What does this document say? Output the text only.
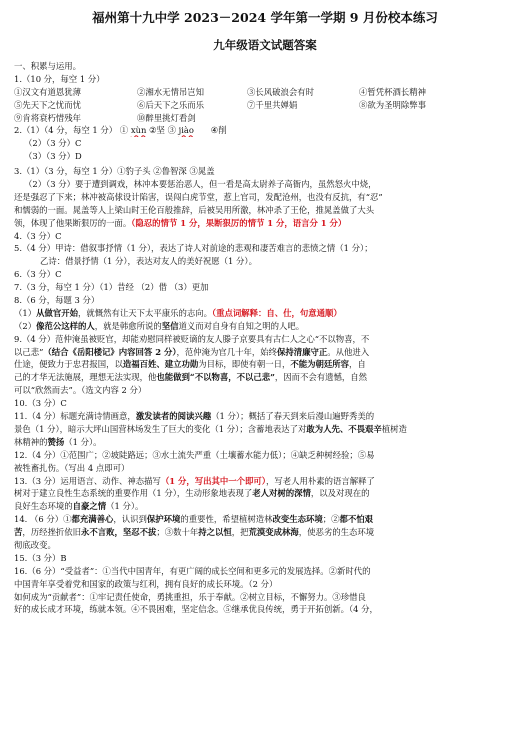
福州第十九中学 2023－2024 学年第一学期 9 月份校本练习
九年级语文试题答案
一、积累与运用。
1.（10 分，每空 1 分）
①汉文有道恩犹薄	②湘水无情吊岂知	③长风破浪会有时	④暂凭杯酒长精神
⑤先天下之忧而忧	⑥后天下之乐而乐	⑦千里共婵娟	⑧欲为圣明除弊事
⑨肯将衰朽惜残年	⑩醉里挑灯看剑
2.（1）（4 分，每空 1 分） ① xùn ②坚 ③ jiào ④削
（2）（3 分）C
（3）（3 分）D
3.（1）（3 分，每空 1 分）①豹子头 ②鲁智深 ③晁盖
（2）（3 分）要于遭到调戏，林冲本要惩治恶人，但一看是高太尉养子高衙内，虽然怒火中烧，
还是强忍了下来；林冲被高俅设计陷害，误闯白虎节堂，惹上官司，发配沧州，也没有反抗，有“忍”
和懦弱的一面。晁盖等人上梁山时王伦百般推辞，后被吴用所激，林冲杀了王伦，推晁盖做了大头
领，体现了他果断狠厉的一面。（隐忍的情节 1 分，果断狠厉的情节 1 分，语言分 1 分）
4.（3 分）C
5.（4 分）甲诗：借叙事抒情（1 分），表达了诗人对前途的悲观和凄苦难言的悲愤之情（1 分）；
乙诗：借景抒情（1 分），表达对友人的美好祝愿（1 分）。
6.（3 分）C
7.（3 分，每空 1 分）（1）昔经 （2）借 （3）更加
8.（6 分，每题 3 分）
（1）从做官开始，就慨然有让天下太平康乐的志向。（重点词解释：自、仕，句意通顺）
（2）像范公这样的人，就是韩愈所说的坚信道义而对自身有自知之明的人吧。
9.（4 分）范仲淹虽被贬官，却能劝慰同样被贬谪的友人滕子京要具有古仁人之心“不以物喜，不
以己悲”（结合《岳阳楼记》内容回答 2 分），范仲淹为官几十年，始终保持清廉守正。从他进入
仕途，便致力于忠君报国，以造福百姓、建立功勋为目标，即使有朝一日，不能为朝廷所容，自
己的才华无法施展，理想无法实现，他也能做到“不以物喜，不以己悲”，因而不会有遗憾，自然
可以“欣然而去”。（选文内容 2 分）
10.（3 分）C
11.（4 分）标题充满诗情画意，激发读者的阅读兴趣（1 分）；概括了春天到来后漫山遍野秀美的
景色（1 分），暗示大坪山国营林场发生了巨大的变化（1 分）；含蓄地表达了对敢为人先、不畏艰辛植树造
林精神的赞扬（1 分）。
12.（4 分）①范围广；②坡陡路远；③水土流失严重（土壤蓄水能力低）；④缺乏种树经验；⑤易
被牲畜扎伤。（写出 4 点即可）
13.（3 分）运用语言、动作、神态描写（1 分，写出其中一个即可），写老人用朴素的语言解释了
树对于建立良性生态系统的重要作用（1 分），生动形象地表现了老人对树的深情，以及对现在的
良好生态环境的自豪之情（1 分）。
14. （6 分）①都充满善心，认识到保护环境的重要性，希望植树造林改变生态环境；②都不怕艰
苦，历经挫折依旧永不言败，坚忍不拔；③数十年持之以恒，把荒漠变成林海，使恶劣的生态环境
彻底改变。
15.（3 分）B
16.（6 分）“受益者”：①当代中国青年，有更广阔的成长空间和更多元的发展选择。②新时代的
中国青年享受着党和国家的政策与红利，拥有良好的成长环境。（2 分）
如何成为“贡献者”：①牢记责任使命，勇挑重担，乐于奉献。②树立目标，不懈努力。③珍惜良
好的成长成才环境，练就本领。④不畏困难，坚定信念。⑤继承优良传统，勇于开拓创新。（4 分，
